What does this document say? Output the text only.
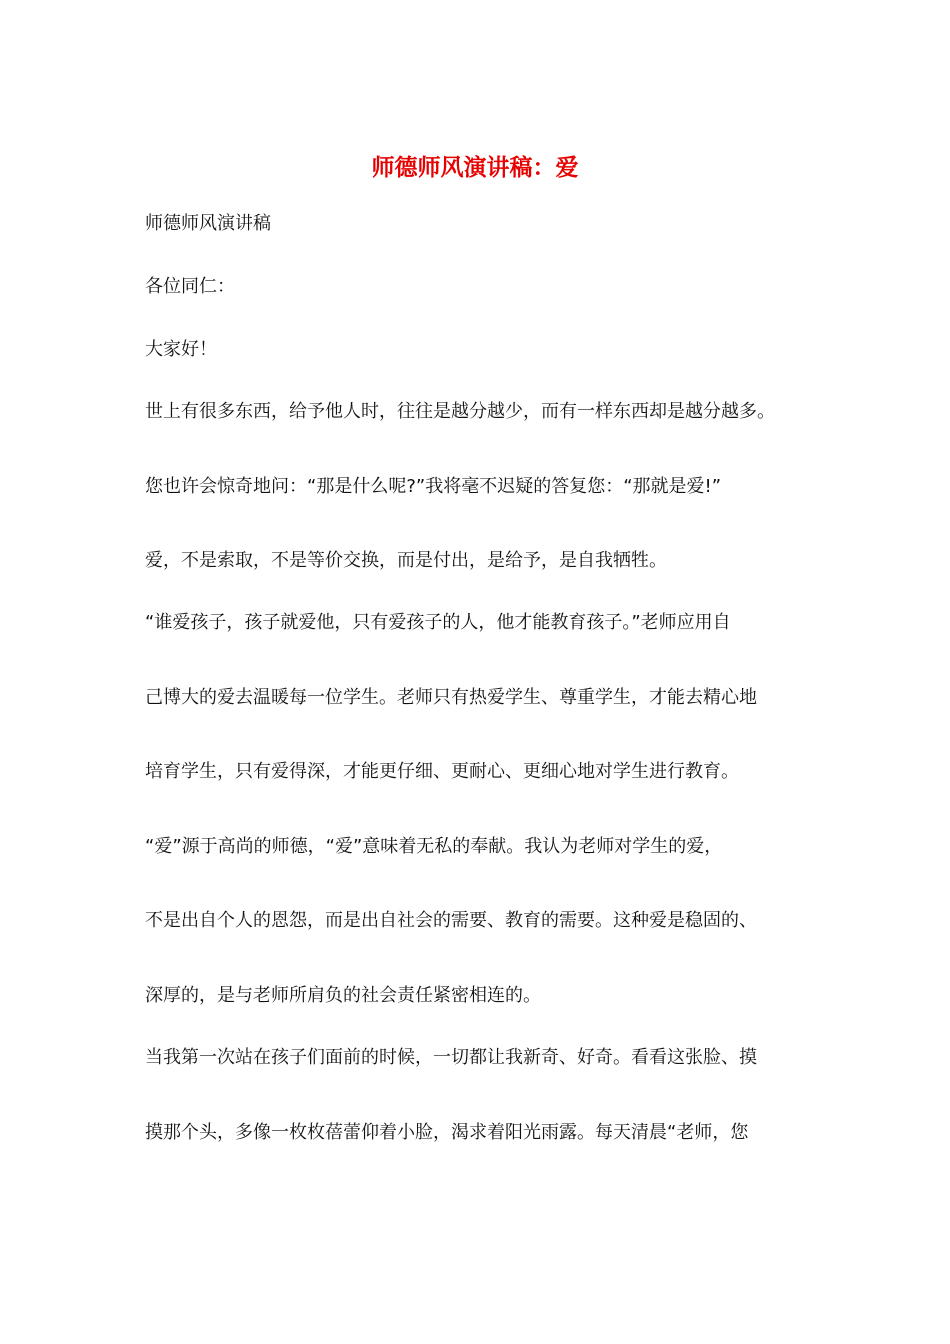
师德师风演讲稿：爱

师德师风演讲稿

各位同仁：

大家好！

世上有很多东西，给予他人时，往往是越分越少，而有一样东西却是越分越多。

您也许会惊奇地问：“那是什么呢?”我将毫不迟疑的答复您：“那就是爱!”

爱，不是索取，不是等价交换，而是付出，是给予，是自我牺牲。

“谁爱孩子，孩子就爱他，只有爱孩子的人，他才能教育孩子。”老师应用自

己博大的爱去温暖每一位学生。老师只有热爱学生、尊重学生，才能去精心地

培育学生，只有爱得深，才能更仔细、更耐心、更细心地对学生进行教育。

“爱”源于高尚的师德，“爱”意味着无私的奉献。我认为老师对学生的爱，

不是出自个人的恩怨，而是出自社会的需要、教育的需要。这种爱是稳固的、

深厚的，是与老师所肩负的社会责任紧密相连的。

当我第一次站在孩子们面前的时候，一切都让我新奇、好奇。看看这张脸、摸

摸那个头，多像一枚枚蓓蕾仰着小脸，渴求着阳光雨露。每天清晨“老师，您
